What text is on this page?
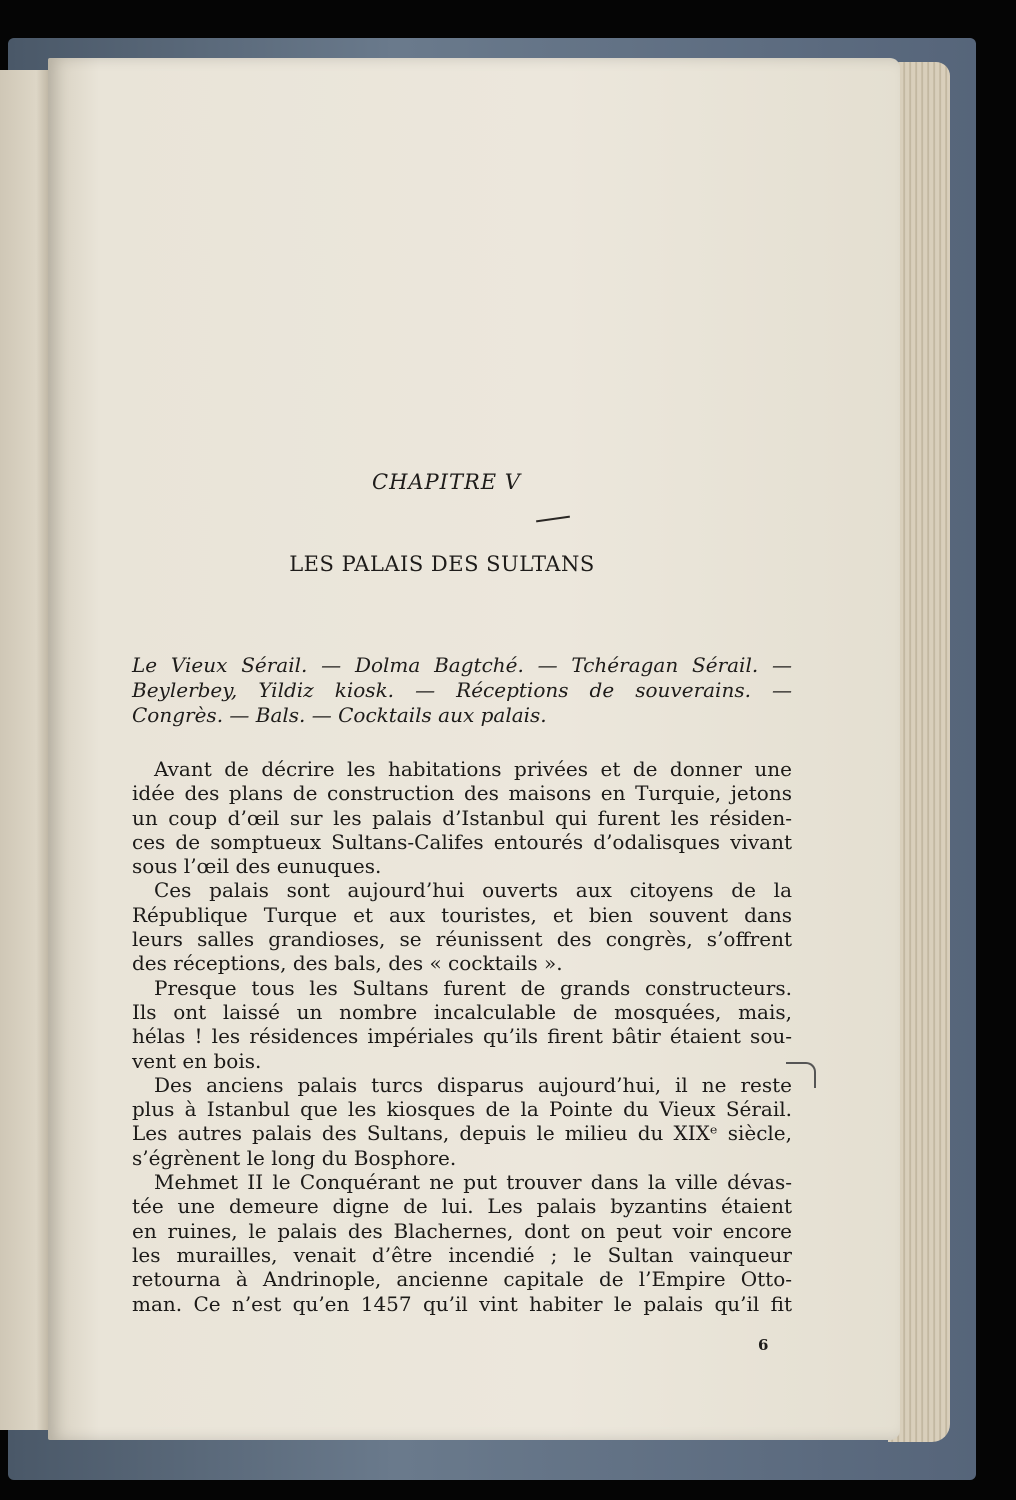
CHAPITRE V
LES PALAIS DES SULTANS
Le Vieux Sérail. — Dolma Bagtché. — Tchéragan Sérail. —
Beylerbey, Yildiz kiosk. — Réceptions de souverains. —
Congrès. — Bals. — Cocktails aux palais.
Avant de décrire les habitations privées et de donner une
idée des plans de construction des maisons en Turquie, jetons
un coup d’œil sur les palais d’Istanbul qui furent les résiden-
ces de somptueux Sultans-Califes entourés d’odalisques vivant
sous l’œil des eunuques.
Ces palais sont aujourd’hui ouverts aux citoyens de la
République Turque et aux touristes, et bien souvent dans
leurs salles grandioses, se réunissent des congrès, s’offrent
des réceptions, des bals, des « cocktails ».
Presque tous les Sultans furent de grands constructeurs.
Ils ont laissé un nombre incalculable de mosquées, mais,
hélas ! les résidences impériales qu’ils firent bâtir étaient sou-
vent en bois.
Des anciens palais turcs disparus aujourd’hui, il ne reste
plus à Istanbul que les kiosques de la Pointe du Vieux Sérail.
Les autres palais des Sultans, depuis le milieu du XIXᵉ siècle,
s’égrènent le long du Bosphore.
Mehmet II le Conquérant ne put trouver dans la ville dévas-
tée une demeure digne de lui. Les palais byzantins étaient
en ruines, le palais des Blachernes, dont on peut voir encore
les murailles, venait d’être incendié ; le Sultan vainqueur
retourna à Andrinople, ancienne capitale de l’Empire Otto-
man. Ce n’est qu’en 1457 qu’il vint habiter le palais qu’il fit
6
